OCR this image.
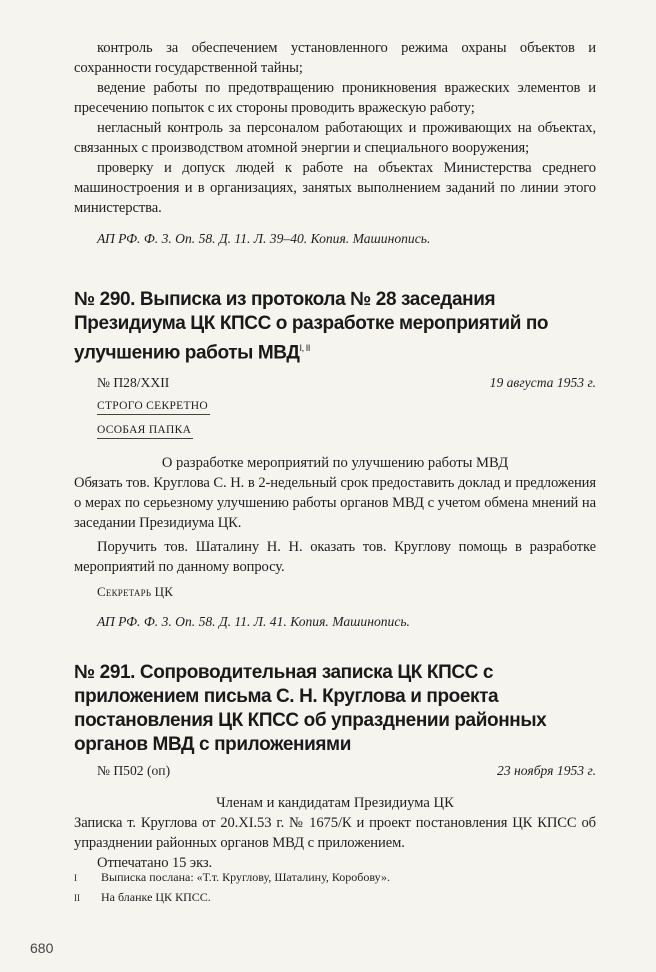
контроль за обеспечением установленного режима охраны объектов и сохранности государственной тайны;

ведение работы по предотвращению проникновения вражеских элементов и пресечению попыток с их стороны проводить вражескую работу;

негласный контроль за персоналом работающих и проживающих на объектах, связанных с производством атомной энергии и специального вооружения;

проверку и допуск людей к работе на объектах Министерства среднего машиностроения и в организациях, занятых выполнением заданий по линии этого министерства.

АП РФ. Ф. 3. Оп. 58. Д. 11. Л. 39–40. Копия. Машинопись.

№ 290. Выписка из протокола № 28 заседания Президиума ЦК КПСС о разработке мероприятий по улучшению работы $МВД^{I, II}$
№ П28/XXII	19 августа 1953 г.
СТРОГО СЕКРЕТНО
ОСОБАЯ ПАПКА

О разработке мероприятий по улучшению работы МВД

Обязать тов. Круглова С. Н. в 2-недельный срок предоставить доклад и предложения о мерах по серьезному улучшению работы органов МВД с учетом обмена мнений на заседании Президиума ЦК.

Поручить тов. Шаталину Н. Н. оказать тов. Круглову помощь в разработке мероприятий по данному вопросу.

Секретарь ЦК

АП РФ. Ф. 3. Оп. 58. Д. 11. Л. 41. Копия. Машинопись.

№ 291. Сопроводительная записка ЦК КПСС с приложением письма С. Н. Круглова и проекта постановления ЦК КПСС об упразднении районных органов МВД с приложениями
№ П502 (оп)	23 ноября 1953 г.

Членам и кандидатам Президиума ЦК

Записка т. Круглова от 20.XI.53 г. № 1675/К и проект постановления ЦК КПСС об упразднении районных органов МВД с приложением.

Отпечатано 15 экз.

I	Выписка послана: «Т.т. Круглову, Шаталину, Коробову».
II	На бланке ЦК КПСС.
680
